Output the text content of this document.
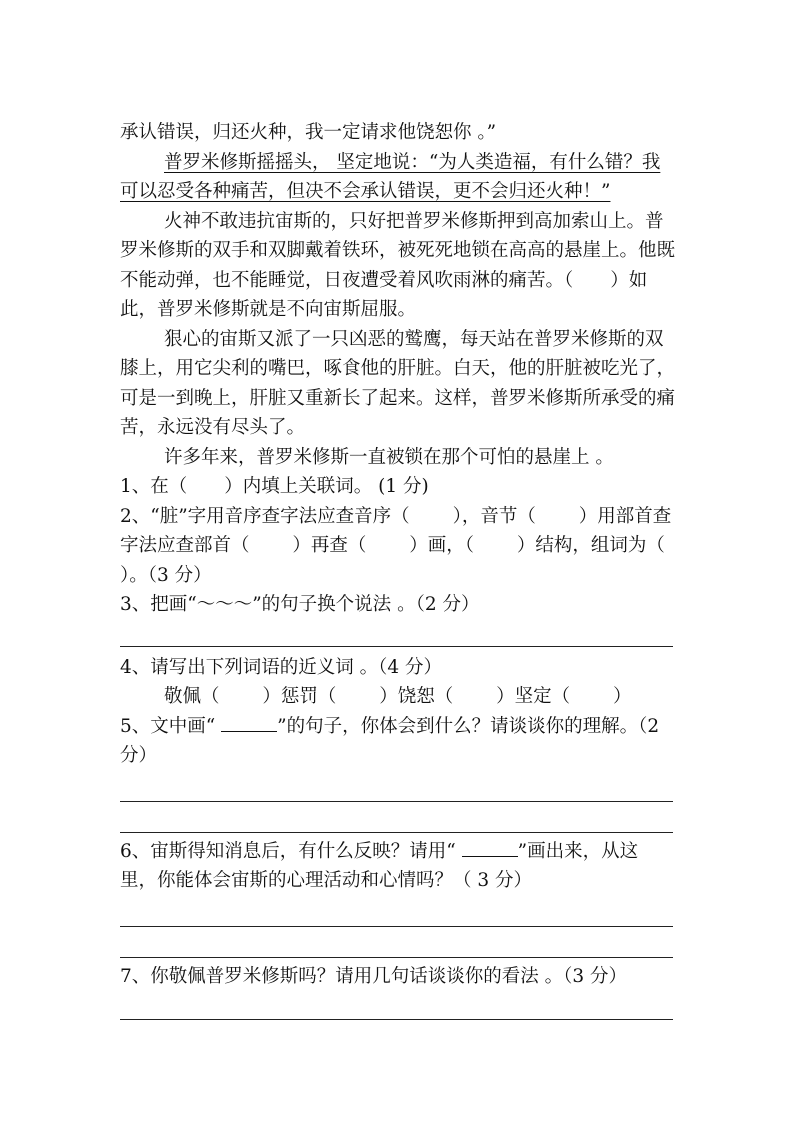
承认错误，归还火种，我一定请求他饶恕你 。”

普罗米修斯摇摇头， 坚定地说：“为人类造福，有什么错？我可以忍受各种痛苦，但决不会承认错误，更不会归还火种！”

火神不敢违抗宙斯的，只好把普罗米修斯押到高加索山上。普罗米修斯的双手和双脚戴着铁环，被死死地锁在高高的悬崖上。他既不能动弹，也不能睡觉，日夜遭受着风吹雨淋的痛苦。（　　）如此，普罗米修斯就是不向宙斯屈服。

狠心的宙斯又派了一只凶恶的鹫鹰，每天站在普罗米修斯的双膝上，用它尖利的嘴巴，啄食他的肝脏。白天，他的肝脏被吃光了，可是一到晚上，肝脏又重新长了起来。这样，普罗米修斯所承受的痛苦，永远没有尽头了。

许多年来，普罗米修斯一直被锁在那个可怕的悬崖上 。

1、在（　　）内填上关联词。 (1 分)

2、“脏”字用音序查字法应查音序（　　 ），音节（　　 ）用部首查字法应查部首（　　 ）再查（　　 ）画，（　　 ）结构，组词为（　　 ）。（3 分）

3、把画“～～～”的句子换个说法 。（2 分）

4、请写出下列词语的近义词 。（4 分）

敬佩（　　 ）惩罚（　　 ）饶恕（　　 ）坚定（　　 ）

5、文中画“	”的句子，你体会到什么？请谈谈你的理解。（2 分）

6、宙斯得知消息后，有什么反映？请用“	”画出来，从这里，你能体会宙斯的心理活动和心情吗？（ 3 分）

7、你敬佩普罗米修斯吗？请用几句话谈谈你的看法 。（3 分）
